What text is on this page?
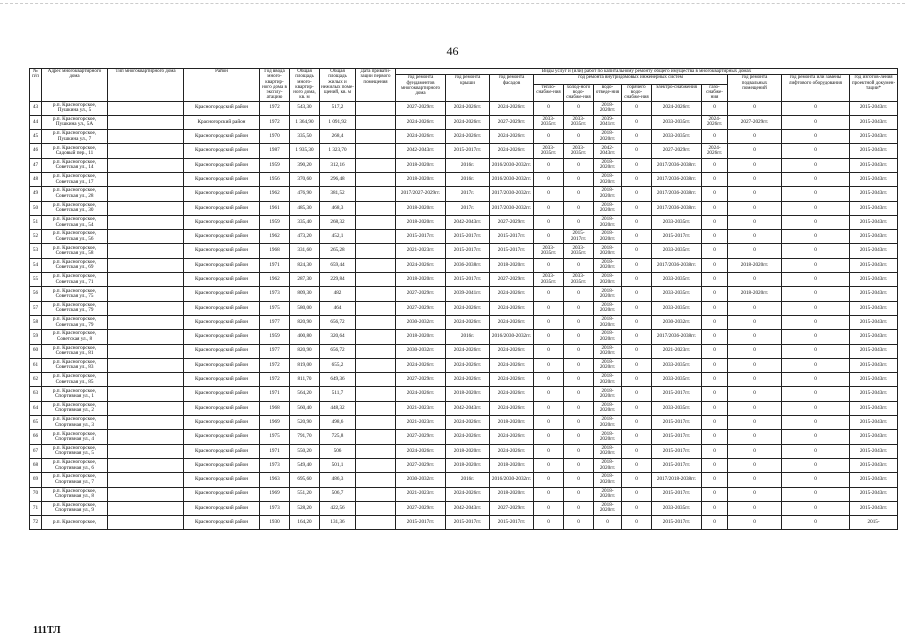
46
№ п/п	Адрес многоквартирного дома	Тип многоквартирного дома	Район	Год ввода много-квартир-ного дома в эксплу-атацию	Общая площадь много-квартир-ного дома, кв. м	Общая площадь жилых и нежилых поме-щений, кв. м	Дата привати-зации первого помещения	Виды услуг и (или) работ по капитальному ремонту общего имущества в многоквартирных домах											
								год ремонта фундаментов многоквартирного дома	год ремонта крыши	год ремонта фасадов	год ремонта внутридомовых инженерных систем						год ремонта подвальных помещений	год ремонта или замены лифтового оборудования	год изготов-ления проектной докумен-тации*
											тепло-снабже-ния	холод-ного водо-снабже-ния	водо-отведе-ния	горячего водо-снабже-ния	электро-снабжения	газо-снабже-ния			
43	р.п. Красногорское, Пушкина ул., 5		Красногородский район	1972	543,30	517,2		2027-2029гг.	2024-2026гг.	2024-2026гг.	0	0	2018-2020гг.	0	2024-2026гг.	0	0	0	2015-2043гг.
44	р.п. Красногорское, Пушкина ул., 5А		Красногорский район	1972	1 364,90	1 091,92		2024-2026гг.	2024-2026гг.	2027-2029гг.	2033-2035гг.	2033-2035гг.	2039-2041гг.	0	2033-2035гг.	2024-2026гг.	2027-2029гг.	0	2015-2043гг.
45	р.п. Красногорское, Пушкина ул., 7		Красногородский район	1970	335,50	268,4		2024-2026гг.	2024-2026гг.	2024-2026гг.	0	0	2018-2020гг.	0	2033-2035гг.	0	0	0	2015-2043гг.
46	р.п. Красногорское, Садовый пер., 11		Красногородский район	1987	1 935,30	1 323,70		2042-2043гг.	2015-2017гг.	2024-2026гг.	2033-2035гг.	2033-2035гг.	2042-2043гг.	0	2027-2029гг.	2024-2026гг.	0	0	2015-2043гг.
47	р.п. Красногорское, Советская ул., 14		Красногородский район	1959	390,20	312,16		2018-2020гг.	2016г.	2016/2030-2032гг.	0	0	2018-2020гг.	0	2017/2036-2038гг.	0	0	0	2015-2043гг.
48	р.п. Красногорское, Советская ул., 17		Красногородский район	1956	370,60	296,48		2018-2020гг.	2016г.	2016/2030-2032гг.	0	0	2018-2020гг.	0	2017/2036-2038гг.	0	0	0	2015-2043гг.
49	р.п. Красногорское, Советская ул., 28		Красногородский район	1962	476,90	381,52		2017/2027-2029гг.	2017г.	2017/2030-2032гг.	0	0	2018-2020гг.	0	2017/2036-2038гг.	0	0	0	2015-2043гг.
50	р.п. Красногорское, Советская ул., 30		Красногородский район	1961	485,30	468,3		2018-2020гг.	2017г.	2017/2030-2032гг.	0	0	2018-2020гг.	0	2017/2036-2038гг.	0	0	0	2015-2043гг.
51	р.п. Красногорское, Советская ул., 54		Красногородский район	1959	335,40	268,32		2018-2020гг.	2042-2043гг.	2027-2029гг.	0	0	2018-2020гг.	0	2033-2035гг.	0	0	0	2015-2043гг.
52	р.п. Красногорское, Советская ул., 56		Красногородский район	1962	473,20	452,1		2015-2017гг.	2015-2017гг.	2015-2017гг.	0	2015-2017гг.	2018-2020гг.	0	2015-2017гг.	0	0	0	2015-2043гг.
53	р.п. Красногорское, Советская ул., 58		Красногородский район	1968	331,60	265,28		2021-2023гг.	2015-2017гг.	2015-2017гг.	2033-2035гг.	2033-2035гг.	2018-2020гг.	0	2033-2035гг.	0	0	0	2015-2043гг.
54	р.п. Красногорское, Советская ул., 69		Красногородский район	1971	824,30	659,44		2024-2026гг.	2036-2038гг.	2018-2020гг.	0	0	2018-2020гг.	0	2017/2036-2038гг.	0	2018-2020гг.	0	2015-2043гг.
55	р.п. Красногорское, Советская ул., 71		Красногородский район	1962	287,30	229,84		2018-2020гг.	2015-2017гг.	2027-2029гг.	2033-2035гг.	2033-2035гг.	2018-2020гг.	0	2033-2035гг.	0	0	0	2015-2043гг.
56	р.п. Красногорское, Советская ул., 75		Красногородский район	1973	809,30	482		2027-2029гг.	2039-2041гг.	2024-2026гг.	0	0	2018-2020гг.	0	2033-2035гг.	0	2018-2020гг.	0	2015-2043гг.
57	р.п. Красногорское, Советская ул., 79		Красногородский район	1975	580,00	464		2027-2029гг.	2024-2026гг.	2024-2026гг.	0	0	2018-2020гг.	0	2033-2035гг.	0	0	0	2015-2043гг.
58	р.п. Красногорское, Советская ул., 79		Красногородский район	1977	820,90	656,72		2030-2032гг.	2024-2026гг.	2024-2026гг.	0	0	2018-2020гг.	0	2030-2032гг.	0	0	0	2015-2043гг.
59	р.п. Красногорское, Советская ул., 8		Красногородский район	1959	400,80	320,64		2018-2020гг.	2016г.	2016/2030-2032гг.	0	0	2018-2020гг.	0	2017/2036-2038гг.	0	0	0	2015-2043гг.
60	р.п. Красногорское, Советская ул., 81		Красногородский район	1977	820,90	656,72		2030-2032гг.	2024-2026гг.	2024-2026гг.	0	0	2018-2020гг.	0	2021-2023гг.	0	0	0	2015-2043гг.
61	р.п. Красногорское, Советская ул., 83		Красногородский район	1972	819,00	655,2		2024-2026гг.	2024-2026гг.	2024-2026гг.	0	0	2018-2020гг.	0	2033-2035гг.	0	0	0	2015-2043гг.
62	р.п. Красногорское, Советская ул., 85		Красногородский район	1972	811,70	649,36		2027-2029гг.	2024-2026гг.	2024-2026гг.	0	0	2018-2020гг.	0	2033-2035гг.	0	0	0	2015-2043гг.
63	р.п. Красногорское, Спортивная ул., 1		Красногородский район	1971	564,20	511,7		2024-2026гг.	2018-2020гг.	2024-2026гг.	0	0	2018-2020гг.	0	2015-2017гг.	0	0	0	2015-2043гг.
64	р.п. Красногорское, Спортивная ул., 2		Красногородский район	1968	560,40	448,32		2021-2023гг.	2042-2043гг.	2024-2026гг.	0	0	2018-2020гг.	0	2033-2035гг.	0	0	0	2015-2043гг.
65	р.п. Красногорское, Спортивная ул., 3		Красногородский район	1969	520,90	498,6		2021-2023гг.	2024-2026гг.	2018-2020гг.	0	0	2018-2020гг.	0	2015-2017гг.	0	0	0	2015-2043гг.
66	р.п. Красногорское, Спортивная ул., 4		Красногородский район	1975	791,70	725,8		2027-2029гг.	2024-2026гг.	2024-2026гг.	0	0	2018-2020гг.	0	2015-2017гг.	0	0	0	2015-2043гг.
67	р.п. Красногорское, Спортивная ул., 5		Красногородский район	1971	550,20	506		2024-2026гг.	2018-2020гг.	2024-2026гг.	0	0	2018-2020гг.	0	2015-2017гг.	0	0	0	2015-2043гг.
68	р.п. Красногорское, Спортивная ул., 6		Красногородский район	1973	549,40	501,1		2027-2029гг.	2018-2020гг.	2018-2020гг.	0	0	2018-2020гг.	0	2015-2017гг.	0	0	0	2015-2043гг.
69	р.п. Красногорское, Спортивная ул., 7		Красногородский район	1963	695,60	486,3		2030-2032гг.	2016г.	2016/2030-2032гг.	0	0	2018-2020гг.	0	2017/2018-2038гг.	0	0	0	2015-2043гг.
70	р.п. Красногорское, Спортивная ул., 8		Красногородский район	1969	551,20	506,7		2021-2023гг.	2024-2026гг.	2018-2020гг.	0	0	2018-2020гг.	0	2015-2017гг.	0	0	0	2015-2043гг.
71	р.п. Красногорское, Спортивная ул., 9		Красногородский район	1973	528,20	422,56		2027-2029гг.	2042-2043гг.	2027-2029гг.	0	0	2018-2020гг.	0	2033-2035гг.	0	0	0	2015-2043гг.
72	р.п. Красногорское,		Красногородский район	1930	164,20	131,36		2015-2017гг.	2015-2017гг.	2015-2017гг.	0	0	0	0	2015-2017гг.	0	0	0	2015-
111ТЛ
